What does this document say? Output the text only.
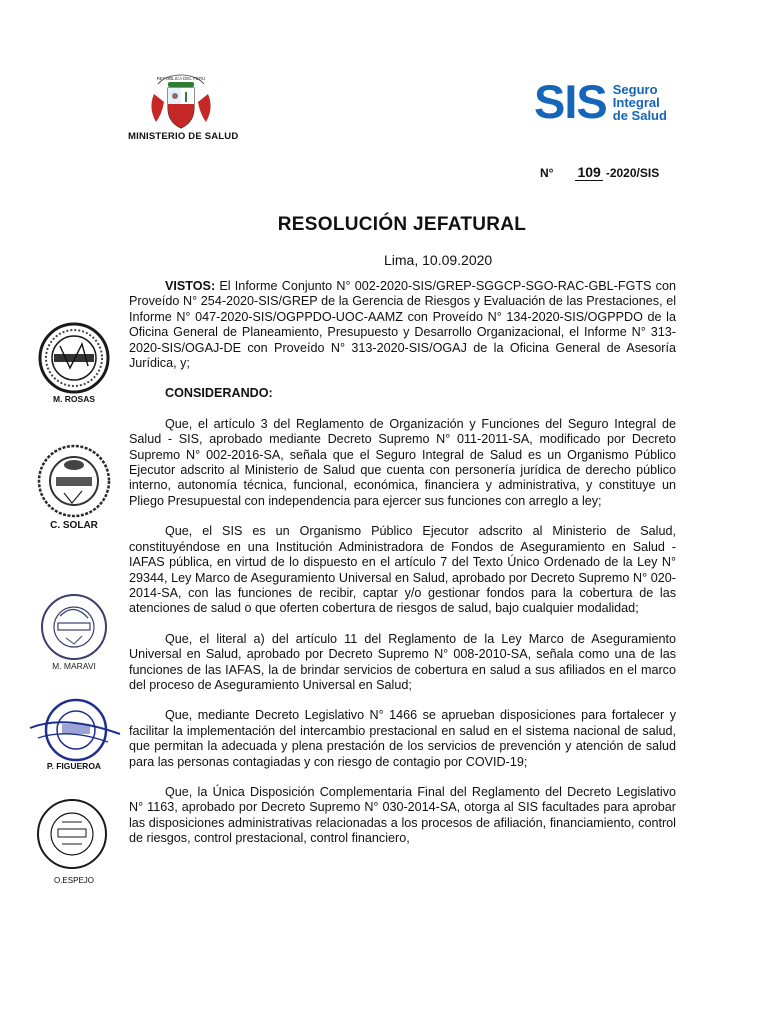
REPÚBLICA DEL PERÚ
MINISTERIO DE SALUD
SIS Seguro
Integral
de Salud
N° 109 -2020/SIS
RESOLUCIÓN JEFATURAL
Lima, 10.09.2020

VISTOS: El Informe Conjunto N° 002-2020-SIS/GREP-SGGCP-SGO-RAC-GBL-FGTS con Proveído N° 254-2020-SIS/GREP de la Gerencia de Riesgos y Evaluación de las Prestaciones, el Informe N° 047-2020-SIS/OGPPDO-UOC-AAMZ con Proveído N° 134-2020-SIS/OGPPDO de la Oficina General de Planeamiento, Presupuesto y Desarrollo Organizacional, el Informe N° 313-2020-SIS/OGAJ-DE con Proveído N° 313-2020-SIS/OGAJ de la Oficina General de Asesoría Jurídica, y;

CONSIDERANDO:

Que, el artículo 3 del Reglamento de Organización y Funciones del Seguro Integral de Salud - SIS, aprobado mediante Decreto Supremo N° 011-2011-SA, modificado por Decreto Supremo N° 002-2016-SA, señala que el Seguro Integral de Salud es un Organismo Público Ejecutor adscrito al Ministerio de Salud que cuenta con personería jurídica de derecho público interno, autonomía técnica, funcional, económica, financiera y administrativa, y constituye un Pliego Presupuestal con independencia para ejercer sus funciones con arreglo a ley;

Que, el SIS es un Organismo Público Ejecutor adscrito al Ministerio de Salud, constituyéndose en una Institución Administradora de Fondos de Aseguramiento en Salud - IAFAS pública, en virtud de lo dispuesto en el artículo 7 del Texto Único Ordenado de la Ley N° 29344, Ley Marco de Aseguramiento Universal en Salud, aprobado por Decreto Supremo N° 020-2014-SA, con las funciones de recibir, captar y/o gestionar fondos para la cobertura de las atenciones de salud o que oferten cobertura de riesgos de salud, bajo cualquier modalidad;

Que, el literal a) del artículo 11 del Reglamento de la Ley Marco de Aseguramiento Universal en Salud, aprobado por Decreto Supremo N° 008-2010-SA, señala como una de las funciones de las IAFAS, la de brindar servicios de cobertura en salud a sus afiliados en el marco del proceso de Aseguramiento Universal en Salud;

Que, mediante Decreto Legislativo N° 1466 se aprueban disposiciones para fortalecer y facilitar la implementación del intercambio prestacional en salud en el sistema nacional de salud, que permitan la adecuada y plena prestación de los servicios de prevención y atención de salud para las personas contagiadas y con riesgo de contagio por COVID-19;

Que, la Única Disposición Complementaria Final del Reglamento del Decreto Legislativo N° 1163, aprobado por Decreto Supremo N° 030-2014-SA, otorga al SIS facultades para aprobar las disposiciones administrativas relacionadas a los procesos de afiliación, financiamiento, control de riesgos, control prestacional, control financiero,

M. ROSAS
C. SOLAR
M. MARAVI
P. FIGUEROA
O.ESPEJO
